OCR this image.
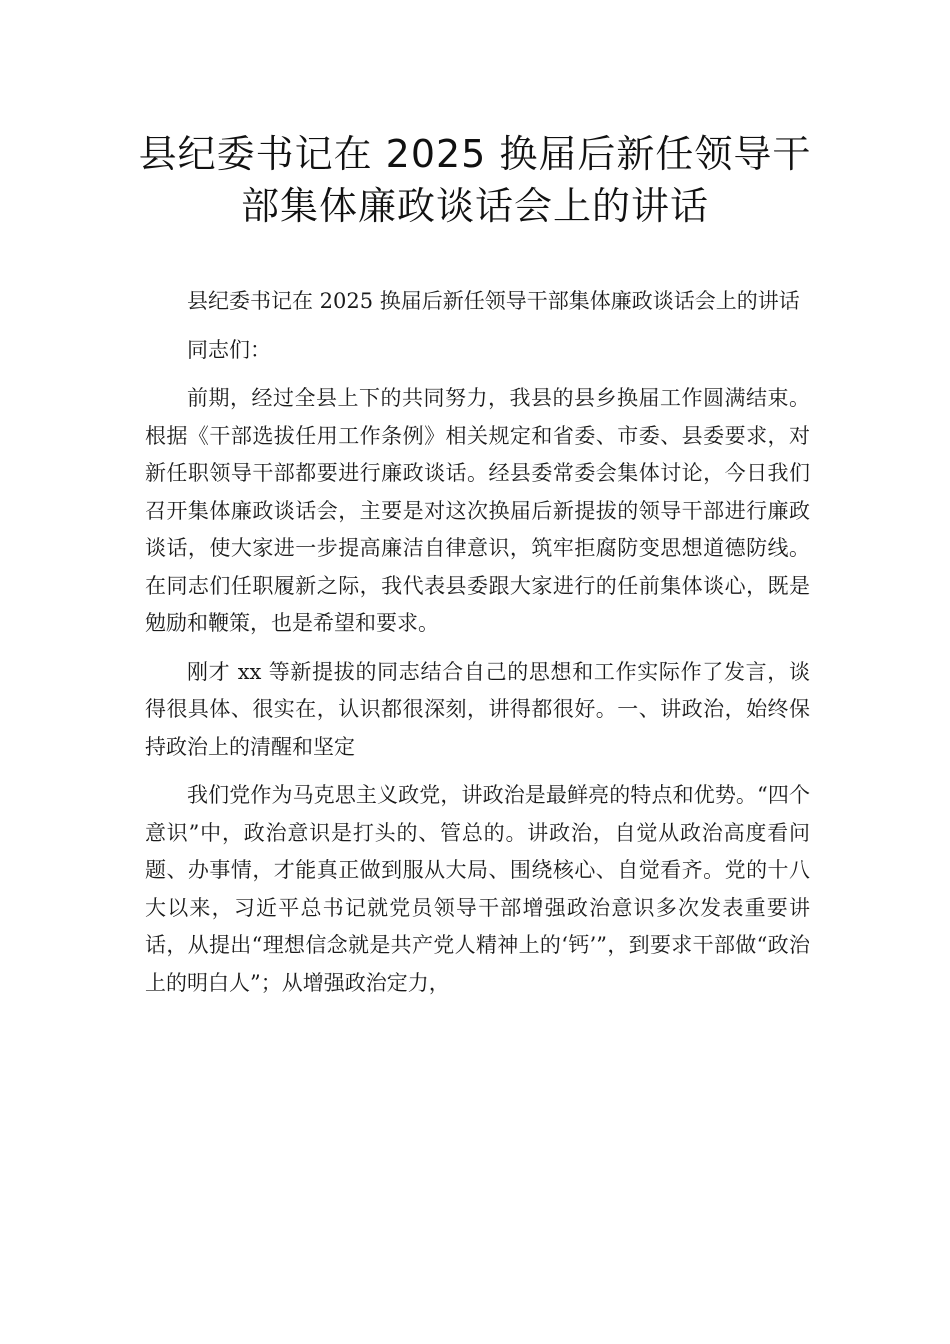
县纪委书记在 2025 换届后新任领导干
部集体廉政谈话会上的讲话

县纪委书记在 2025 换届后新任领导干部集体廉政谈话会上的讲话

同志们：

前期，经过全县上下的共同努力，我县的县乡换届工作圆满结束。根据《干部选拔任用工作条例》相关规定和省委、市委、县委要求，对新任职领导干部都要进行廉政谈话。经县委常委会集体讨论，今日我们召开集体廉政谈话会，主要是对这次换届后新提拔的领导干部进行廉政谈话，使大家进一步提高廉洁自律意识，筑牢拒腐防变思想道德防线。在同志们任职履新之际，我代表县委跟大家进行的任前集体谈心，既是勉励和鞭策，也是希望和要求。

刚才 xx 等新提拔的同志结合自己的思想和工作实际作了发言，谈得很具体、很实在，认识都很深刻，讲得都很好。一、讲政治，始终保持政治上的清醒和坚定

我们党作为马克思主义政党，讲政治是最鲜亮的特点和优势。“四个意识”中，政治意识是打头的、管总的。讲政治，自觉从政治高度看问题、办事情，才能真正做到服从大局、围绕核心、自觉看齐。党的十八大以来，习近平总书记就党员领导干部增强政治意识多次发表重要讲话，从提出“理想信念就是共产党人精神上的‘钙’”，到要求干部做“政治上的明白人”；从增强政治定力，
